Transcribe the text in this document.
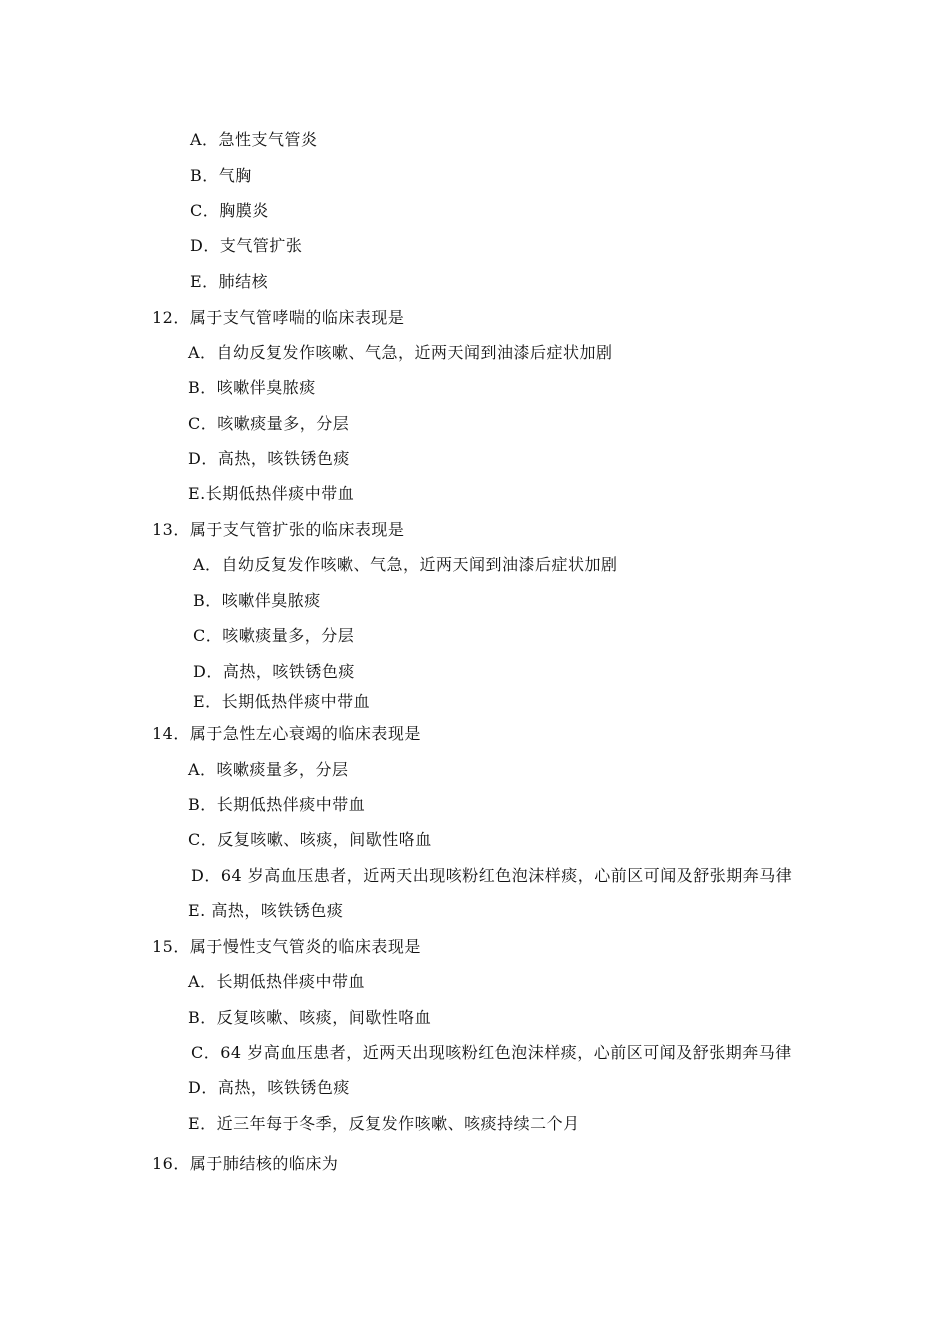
A．急性支气管炎
B．气胸
C．胸膜炎
D．支气管扩张
E．肺结核
12．属于支气管哮喘的临床表现是
A．自幼反复发作咳嗽、气急，近两天闻到油漆后症状加剧
B．咳嗽伴臭脓痰
C．咳嗽痰量多，分层
D．高热，咳铁锈色痰
E.长期低热伴痰中带血
13．属于支气管扩张的临床表现是
A．自幼反复发作咳嗽、气急，近两天闻到油漆后症状加剧
B．咳嗽伴臭脓痰
C．咳嗽痰量多，分层
D．高热，咳铁锈色痰
E．长期低热伴痰中带血
14．属于急性左心衰竭的临床表现是
A．咳嗽痰量多，分层
B．长期低热伴痰中带血
C．反复咳嗽、咳痰，间歇性咯血
D．64 岁高血压患者，近两天出现咳粉红色泡沫样痰，心前区可闻及舒张期奔马律
E. 高热，咳铁锈色痰
15．属于慢性支气管炎的临床表现是
A．长期低热伴痰中带血
B．反复咳嗽、咳痰，间歇性咯血
C．64 岁高血压患者，近两天出现咳粉红色泡沫样痰，心前区可闻及舒张期奔马律
D．高热，咳铁锈色痰
E．近三年每于冬季，反复发作咳嗽、咳痰持续二个月
16．属于肺结核的临床为
